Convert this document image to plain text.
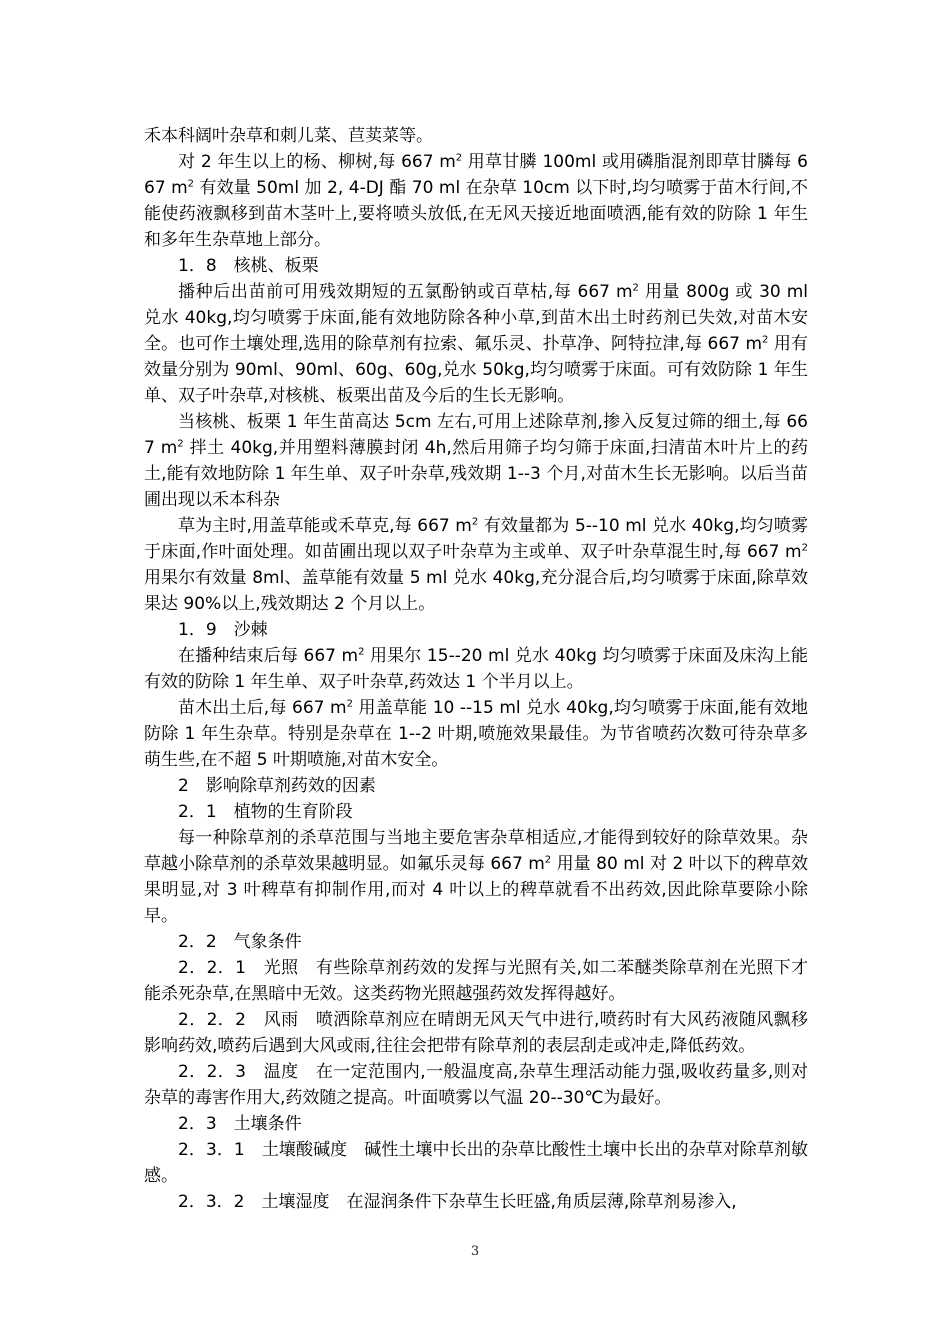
禾本科阔叶杂草和刺儿菜、苣荬菜等。

对 2 年生以上的杨、柳树,每 667 $m^2$ 用草甘膦 100ml 或用磷脂混剂即草甘膦每 667 $m^2$ 有效量 50ml 加 2, 4-DJ 酯 70 ml 在杂草 10cm 以下时,均匀喷雾于苗木行间,不能使药液飘移到苗木茎叶上,要将喷头放低,在无风天接近地面喷洒,能有效的防除 1 年生和多年生杂草地上部分。

1．8　核桃、板栗

播种后出苗前可用残效期短的五氯酚钠或百草枯,每 667 $m^2$ 用量 800g 或 30 ml 兑水 40kg,均匀喷雾于床面,能有效地防除各种小草,到苗木出土时药剂已失效,对苗木安全。也可作土壤处理,选用的除草剂有拉索、氟乐灵、扑草净、阿特拉津,每 667 $m^2$ 用有效量分别为 90ml、90ml、60g、60g,兑水 50kg,均匀喷雾于床面。可有效防除 1 年生单、双子叶杂草,对核桃、板栗出苗及今后的生长无影响。

当核桃、板栗 1 年生苗高达 5cm 左右,可用上述除草剂,掺入反复过筛的细土,每 667 $m^2$ 拌土 40kg,并用塑料薄膜封闭 4h,然后用筛子均匀筛于床面,扫清苗木叶片上的药土,能有效地防除 1 年生单、双子叶杂草,残效期 1--3 个月,对苗木生长无影响。以后当苗圃出现以禾本科杂

草为主时,用盖草能或禾草克,每 667 $m^2$ 有效量都为 5--10 ml 兑水 40kg,均匀喷雾于床面,作叶面处理。如苗圃出现以双子叶杂草为主或单、双子叶杂草混生时,每 667 $m^2$ 用果尔有效量 8ml、盖草能有效量 5 ml 兑水 40kg,充分混合后,均匀喷雾于床面,除草效果达 90%以上,残效期达 2 个月以上。

1．9　沙棘

在播种结束后每 667 $m^2$ 用果尔 15--20 ml 兑水 40kg 均匀喷雾于床面及床沟上能有效的防除 1 年生单、双子叶杂草,药效达 1 个半月以上。

苗木出土后,每 667 $m^2$ 用盖草能 10 --15 ml 兑水 40kg,均匀喷雾于床面,能有效地防除 1 年生杂草。特别是杂草在 1--2 叶期,喷施效果最佳。为节省喷药次数可待杂草多萌生些,在不超 5 叶期喷施,对苗木安全。

2　影响除草剂药效的因素

2．1　植物的生育阶段

每一种除草剂的杀草范围与当地主要危害杂草相适应,才能得到较好的除草效果。杂草越小除草剂的杀草效果越明显。如氟乐灵每 667 $m^2$ 用量 80 ml 对 2 叶以下的稗草效果明显,对 3 叶稗草有抑制作用,而对 4 叶以上的稗草就看不出药效,因此除草要除小除早。

2．2　气象条件

2．2．1　光照　有些除草剂药效的发挥与光照有关,如二苯醚类除草剂在光照下才能杀死杂草,在黑暗中无效。这类药物光照越强药效发挥得越好。

2．2．2　风雨　喷洒除草剂应在晴朗无风天气中进行,喷药时有大风药液随风飘移影响药效,喷药后遇到大风或雨,往往会把带有除草剂的表层刮走或冲走,降低药效。

2．2．3　温度　在一定范围内,一般温度高,杂草生理活动能力强,吸收药量多,则对杂草的毒害作用大,药效随之提高。叶面喷雾以气温 20--30℃为最好。

2．3　土壤条件

2．3．1　土壤酸碱度　碱性土壤中长出的杂草比酸性土壤中长出的杂草对除草剂敏感。

2．3．2　土壤湿度　在湿润条件下杂草生长旺盛,角质层薄,除草剂易渗入,

3
